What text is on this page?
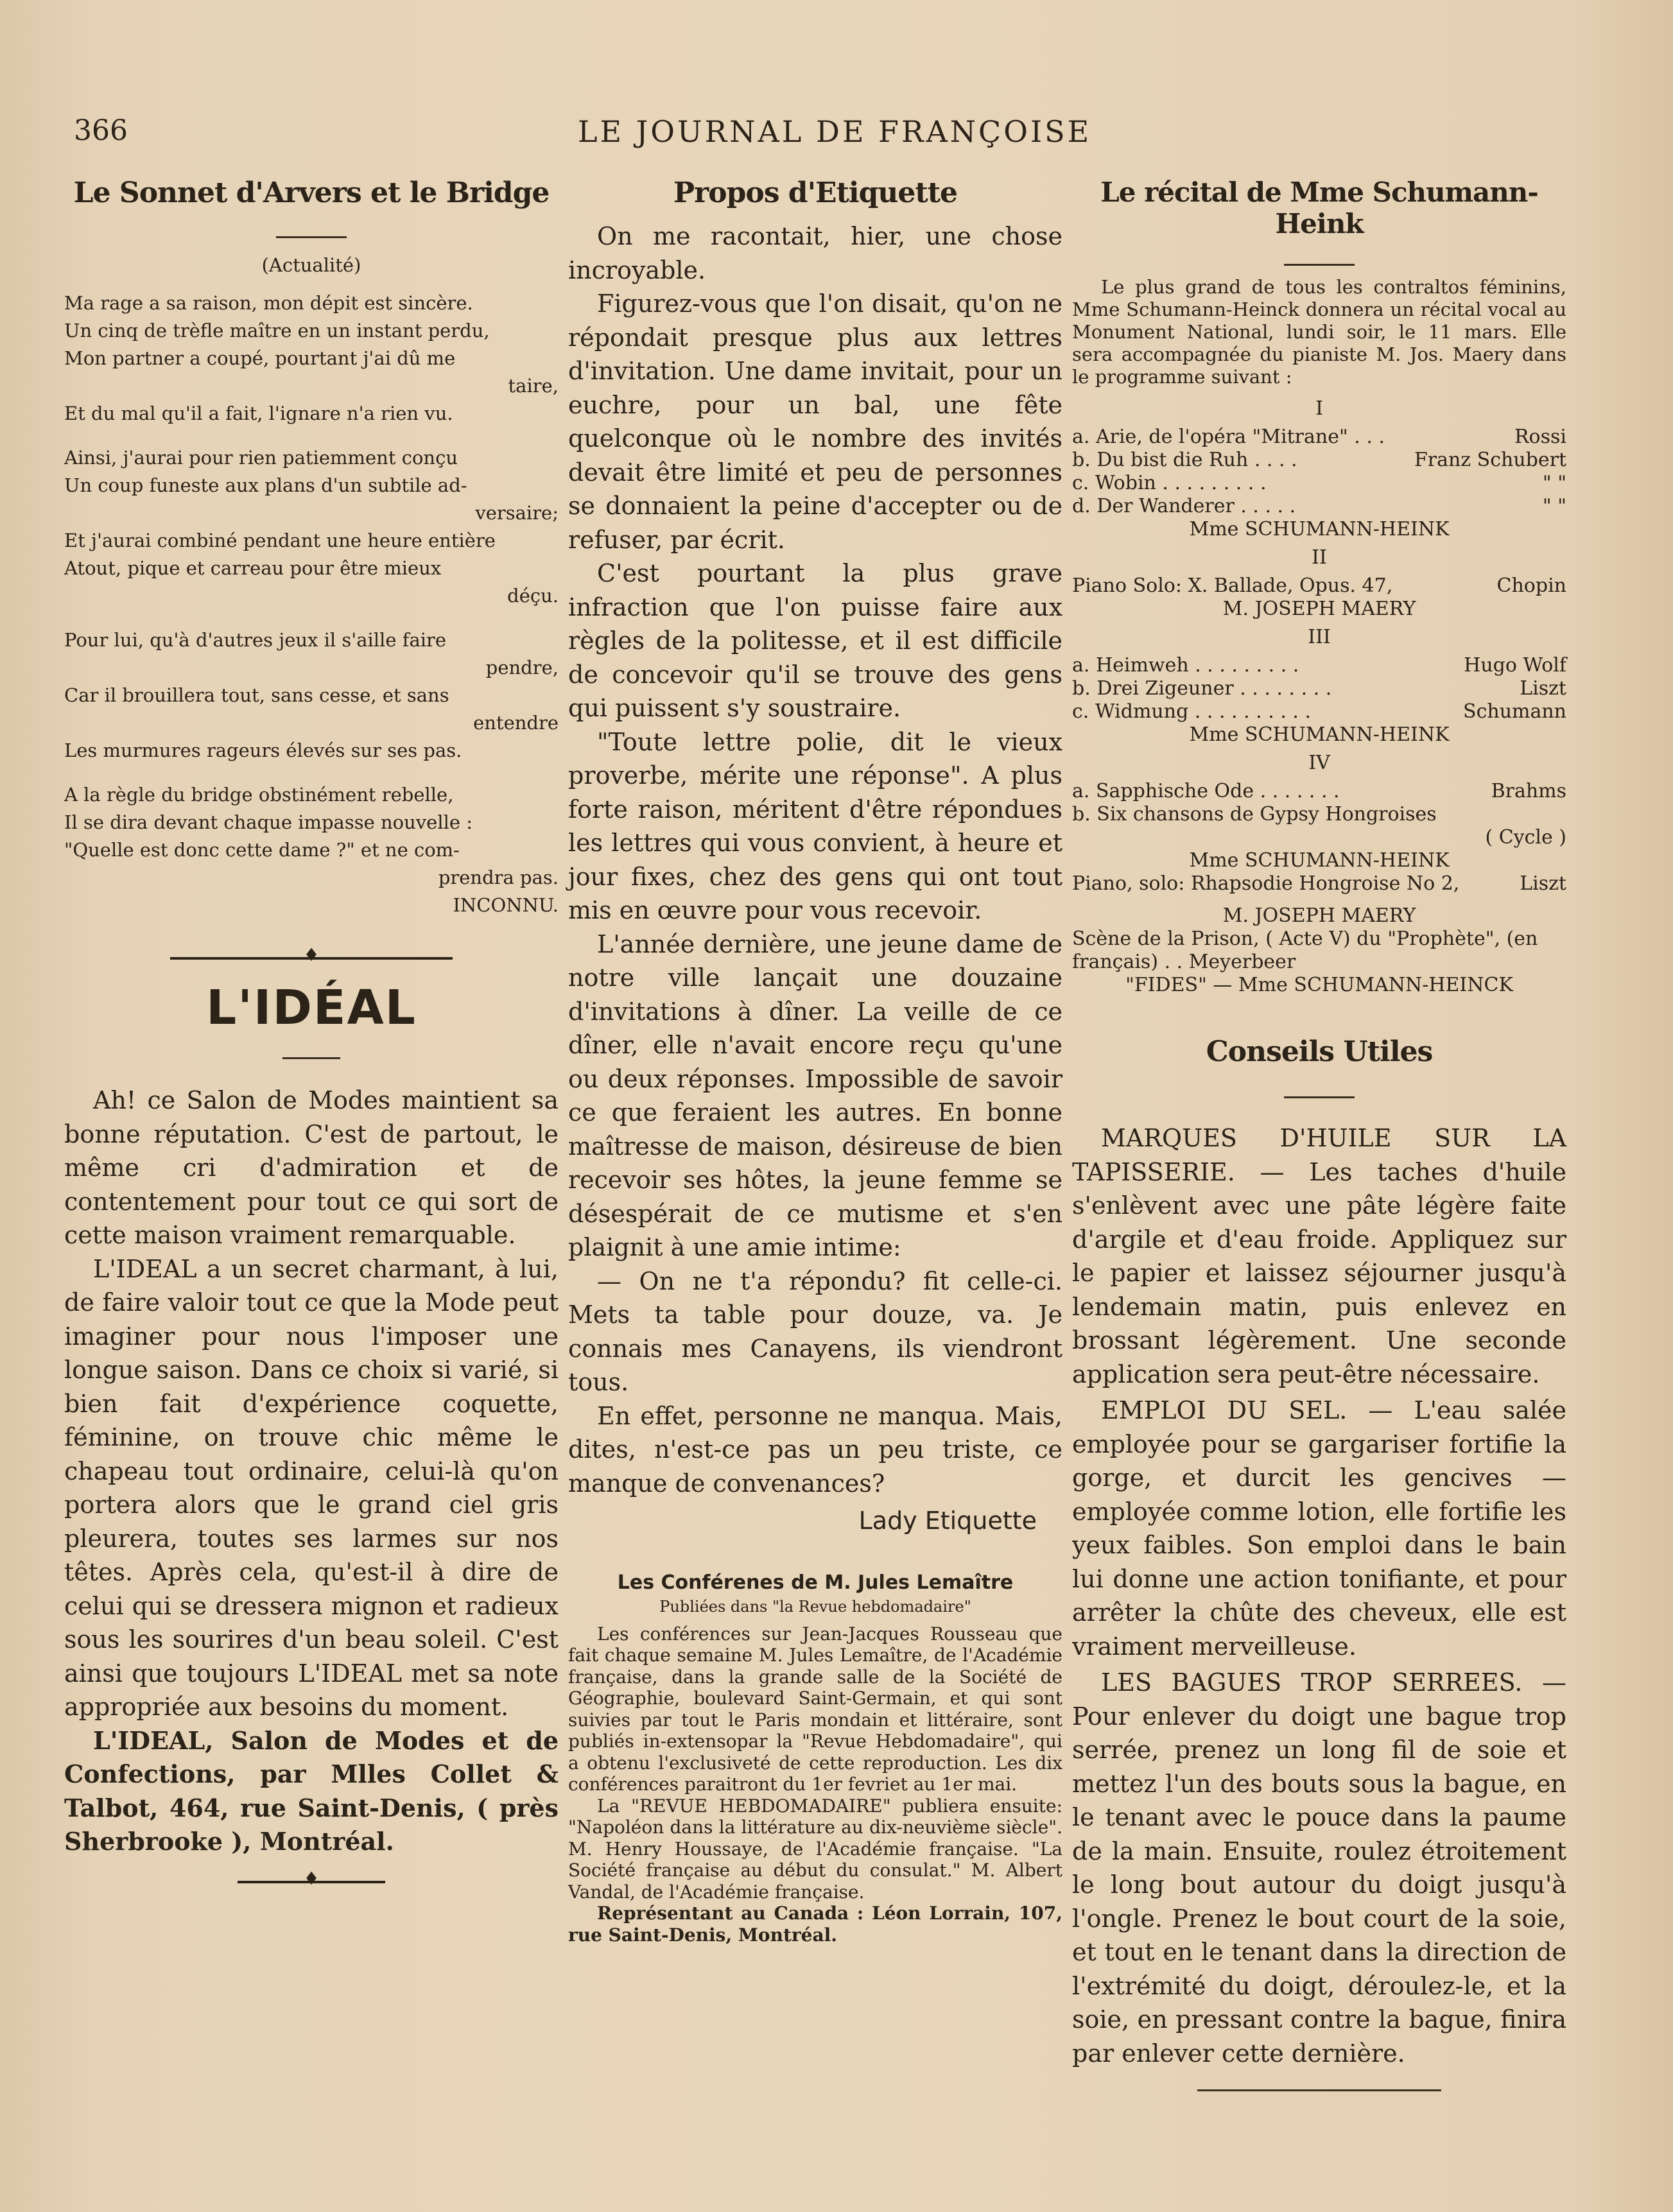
366	LE JOURNAL DE FRANÇOISE
Le Sonnet d'Arvers et le Bridge

(Actualité)

Ma rage a sa raison, mon dépit est sincère.

Un cinq de trèfle maître en un instant perdu,

Mon partner a coupé, pourtant j'ai dû me

taire,

Et du mal qu'il a fait, l'ignare n'a rien vu.

Ainsi, j'aurai pour rien patiemment conçu

Un coup funeste aux plans d'un subtile ad-

versaire;

Et j'aurai combiné pendant une heure entière

Atout, pique et carreau pour être mieux

déçu.

Pour lui, qu'à d'autres jeux il s'aille faire

pendre,

Car il brouillera tout, sans cesse, et sans

entendre

Les murmures rageurs élevés sur ses pas.

A la règle du bridge obstinément rebelle,

Il se dira devant chaque impasse nouvelle :

"Quelle est donc cette dame ?" et ne com-

prendra pas.

INCONNU.

♦
L'IDÉAL

Ah! ce Salon de Modes maintient sa bonne réputation. C'est de partout, le même cri d'admiration et de contentement pour tout ce qui sort de cette maison vraiment remarquable.

L'IDEAL a un secret charmant, à lui, de faire valoir tout ce que la Mode peut imaginer pour nous l'imposer une longue saison. Dans ce choix si varié, si bien fait d'expérience coquette, féminine, on trouve chic même le chapeau tout ordinaire, celui-là qu'on portera alors que le grand ciel gris pleurera, toutes ses larmes sur nos têtes. Après cela, qu'est-il à dire de celui qui se dressera mignon et radieux sous les sourires d'un beau soleil. C'est ainsi que toujours L'IDEAL met sa note appropriée aux besoins du moment.

L'IDEAL, Salon de Modes et de Confections, par Mlles Collet & Talbot, 464, rue Saint-Denis, ( près Sherbrooke ), Montréal.

♦
Propos d'Etiquette

On me racontait, hier, une chose incroyable.

Figurez-vous que l'on disait, qu'on ne répondait presque plus aux lettres d'invitation. Une dame invitait, pour un euchre, pour un bal, une fête quelconque où le nombre des invités devait être limité et peu de personnes se donnaient la peine d'accepter ou de refuser, par écrit.

C'est pourtant la plus grave infraction que l'on puisse faire aux règles de la politesse, et il est difficile de concevoir qu'il se trouve des gens qui puissent s'y soustraire.

"Toute lettre polie, dit le vieux proverbe, mérite une réponse". A plus forte raison, méritent d'être répondues les lettres qui vous convient, à heure et jour fixes, chez des gens qui ont tout mis en œuvre pour vous recevoir.

L'année dernière, une jeune dame de notre ville lançait une douzaine d'invitations à dîner. La veille de ce dîner, elle n'avait encore reçu qu'une ou deux réponses. Impossible de savoir ce que feraient les autres. En bonne maîtresse de maison, désireuse de bien recevoir ses hôtes, la jeune femme se désespérait de ce mutisme et s'en plaignit à une amie intime:

— On ne t'a répondu? fit celle-ci. Mets ta table pour douze, va. Je connais mes Canayens, ils viendront tous.

En effet, personne ne manqua. Mais, dites, n'est-ce pas un peu triste, ce manque de convenances?

Lady Etiquette

Les Conférenes de M. Jules Lemaître

Publiées dans "la Revue hebdomadaire"

Les conférences sur Jean-Jacques Rousseau que fait chaque semaine M. Jules Lemaître, de l'Académie française, dans la grande salle de la Société de Géographie, boulevard Saint-Germain, et qui sont suivies par tout le Paris mondain et littéraire, sont publiés in-extensopar la "Revue Hebdomadaire", qui a obtenu l'exclusiveté de cette reproduction. Les dix conférences paraitront du 1er fevriet au 1er mai.

La "REVUE HEBDOMADAIRE" publiera ensuite: "Napoléon dans la littérature au dix-neuvième siècle". M. Henry Houssaye, de l'Académie française. "La Société française au début du consulat." M. Albert Vandal, de l'Académie française.

Représentant au Canada : Léon Lorrain, 107, rue Saint-Denis, Montréal.

Le récital de Mme Schumann-Heink

Le plus grand de tous les contraltos féminins, Mme Schumann-Heinck donnera un récital vocal au Monument National, lundi soir, le 11 mars. Elle sera accompagnée du pianiste M. Jos. Maery dans le programme suivant :

I
a. Arie, de l'opéra "Mitrane" . . .	Rossi
b. Du bist die Ruh . . . .	Franz Schubert
c. Wobin . . . . . . . . .	" "
d. Der Wanderer . . . . .	" "
Mme SCHUMANN-HEINK
II
Piano Solo: X. Ballade, Opus. 47,	Chopin
M. JOSEPH MAERY
III
a. Heimweh . . . . . . . . .	Hugo Wolf
b. Drei Zigeuner . . . . . . . .	Liszt
c. Widmung . . . . . . . . . .	Schumann
Mme SCHUMANN-HEINK
IV
a. Sapphische Ode . . . . . . .	Brahms
b. Six chansons de Gypsy Hongroises
( Cycle )
Mme SCHUMANN-HEINK
Piano, solo: Rhapsodie Hongroise No 2,	Liszt
M. JOSEPH MAERY
Scène de la Prison, ( Acte V) du "Prophète", (en français) . . Meyerbeer
"FIDES" — Mme SCHUMANN-HEINCK
Conseils Utiles

MARQUES D'HUILE SUR LA TAPISSERIE. — Les taches d'huile s'enlèvent avec une pâte légère faite d'argile et d'eau froide. Appliquez sur le papier et laissez séjourner jusqu'à lendemain matin, puis enlevez en brossant légèrement. Une seconde application sera peut-être nécessaire.

EMPLOI DU SEL. — L'eau salée employée pour se gargariser fortifie la gorge, et durcit les gencives — employée comme lotion, elle fortifie les yeux faibles. Son emploi dans le bain lui donne une action tonifiante, et pour arrêter la chûte des cheveux, elle est vraiment merveilleuse.

LES BAGUES TROP SERREES. — Pour enlever du doigt une bague trop serrée, prenez un long fil de soie et mettez l'un des bouts sous la bague, en le tenant avec le pouce dans la paume de la main. Ensuite, roulez étroitement le long bout autour du doigt jusqu'à l'ongle. Prenez le bout court de la soie, et tout en le tenant dans la direction de l'extrémité du doigt, déroulez-le, et la soie, en pressant contre la bague, finira par enlever cette dernière.
